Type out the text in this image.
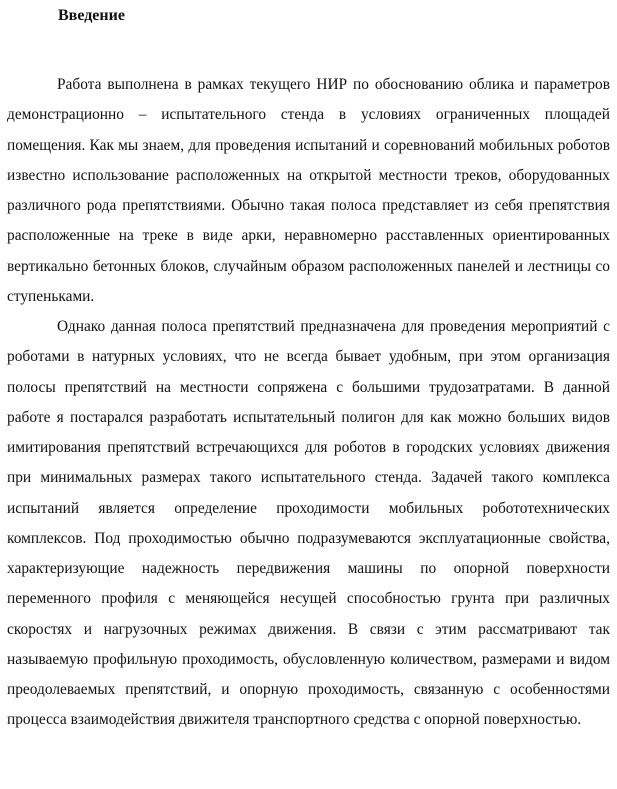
Введение

Работа выполнена в рамках текущего НИР по обоснованию облика и параметров демонстрационно – испытательного стенда в условиях ограниченных площадей помещения. Как мы знаем, для проведения испытаний и соревнований мобильных роботов известно использование расположенных на открытой местности треков, оборудованных различного рода препятствиями. Обычно такая полоса представляет из себя препятствия расположенные на треке в виде арки, неравномерно расставленных ориентированных вертикально бетонных блоков, случайным образом расположенных панелей и лестницы со ступеньками.

Однако данная полоса препятствий предназначена для проведения мероприятий с роботами в натурных условиях, что не всегда бывает удобным, при этом организация полосы препятствий на местности сопряжена с большими трудозатратами. В данной работе я постарался разработать испытательный полигон для как можно больших видов имитирования препятствий встречающихся для роботов в городских условиях движения при минимальных размерах такого испытательного стенда. Задачей такого комплекса испытаний является определение проходимости мобильных робототехнических комплексов. Под проходимостью обычно подразумеваются эксплуатационные свойства, характеризующие надежность передвижения машины по опорной поверхности переменного профиля с меняющейся несущей способностью грунта при различных скоростях и нагрузочных режимах движения. В связи с этим рассматривают так называемую профильную проходимость, обусловленную количеством, размерами и видом преодолеваемых препятствий, и опорную проходимость, связанную с особенностями процесса взаимодействия движителя транспортного средства с опорной поверхностью.
